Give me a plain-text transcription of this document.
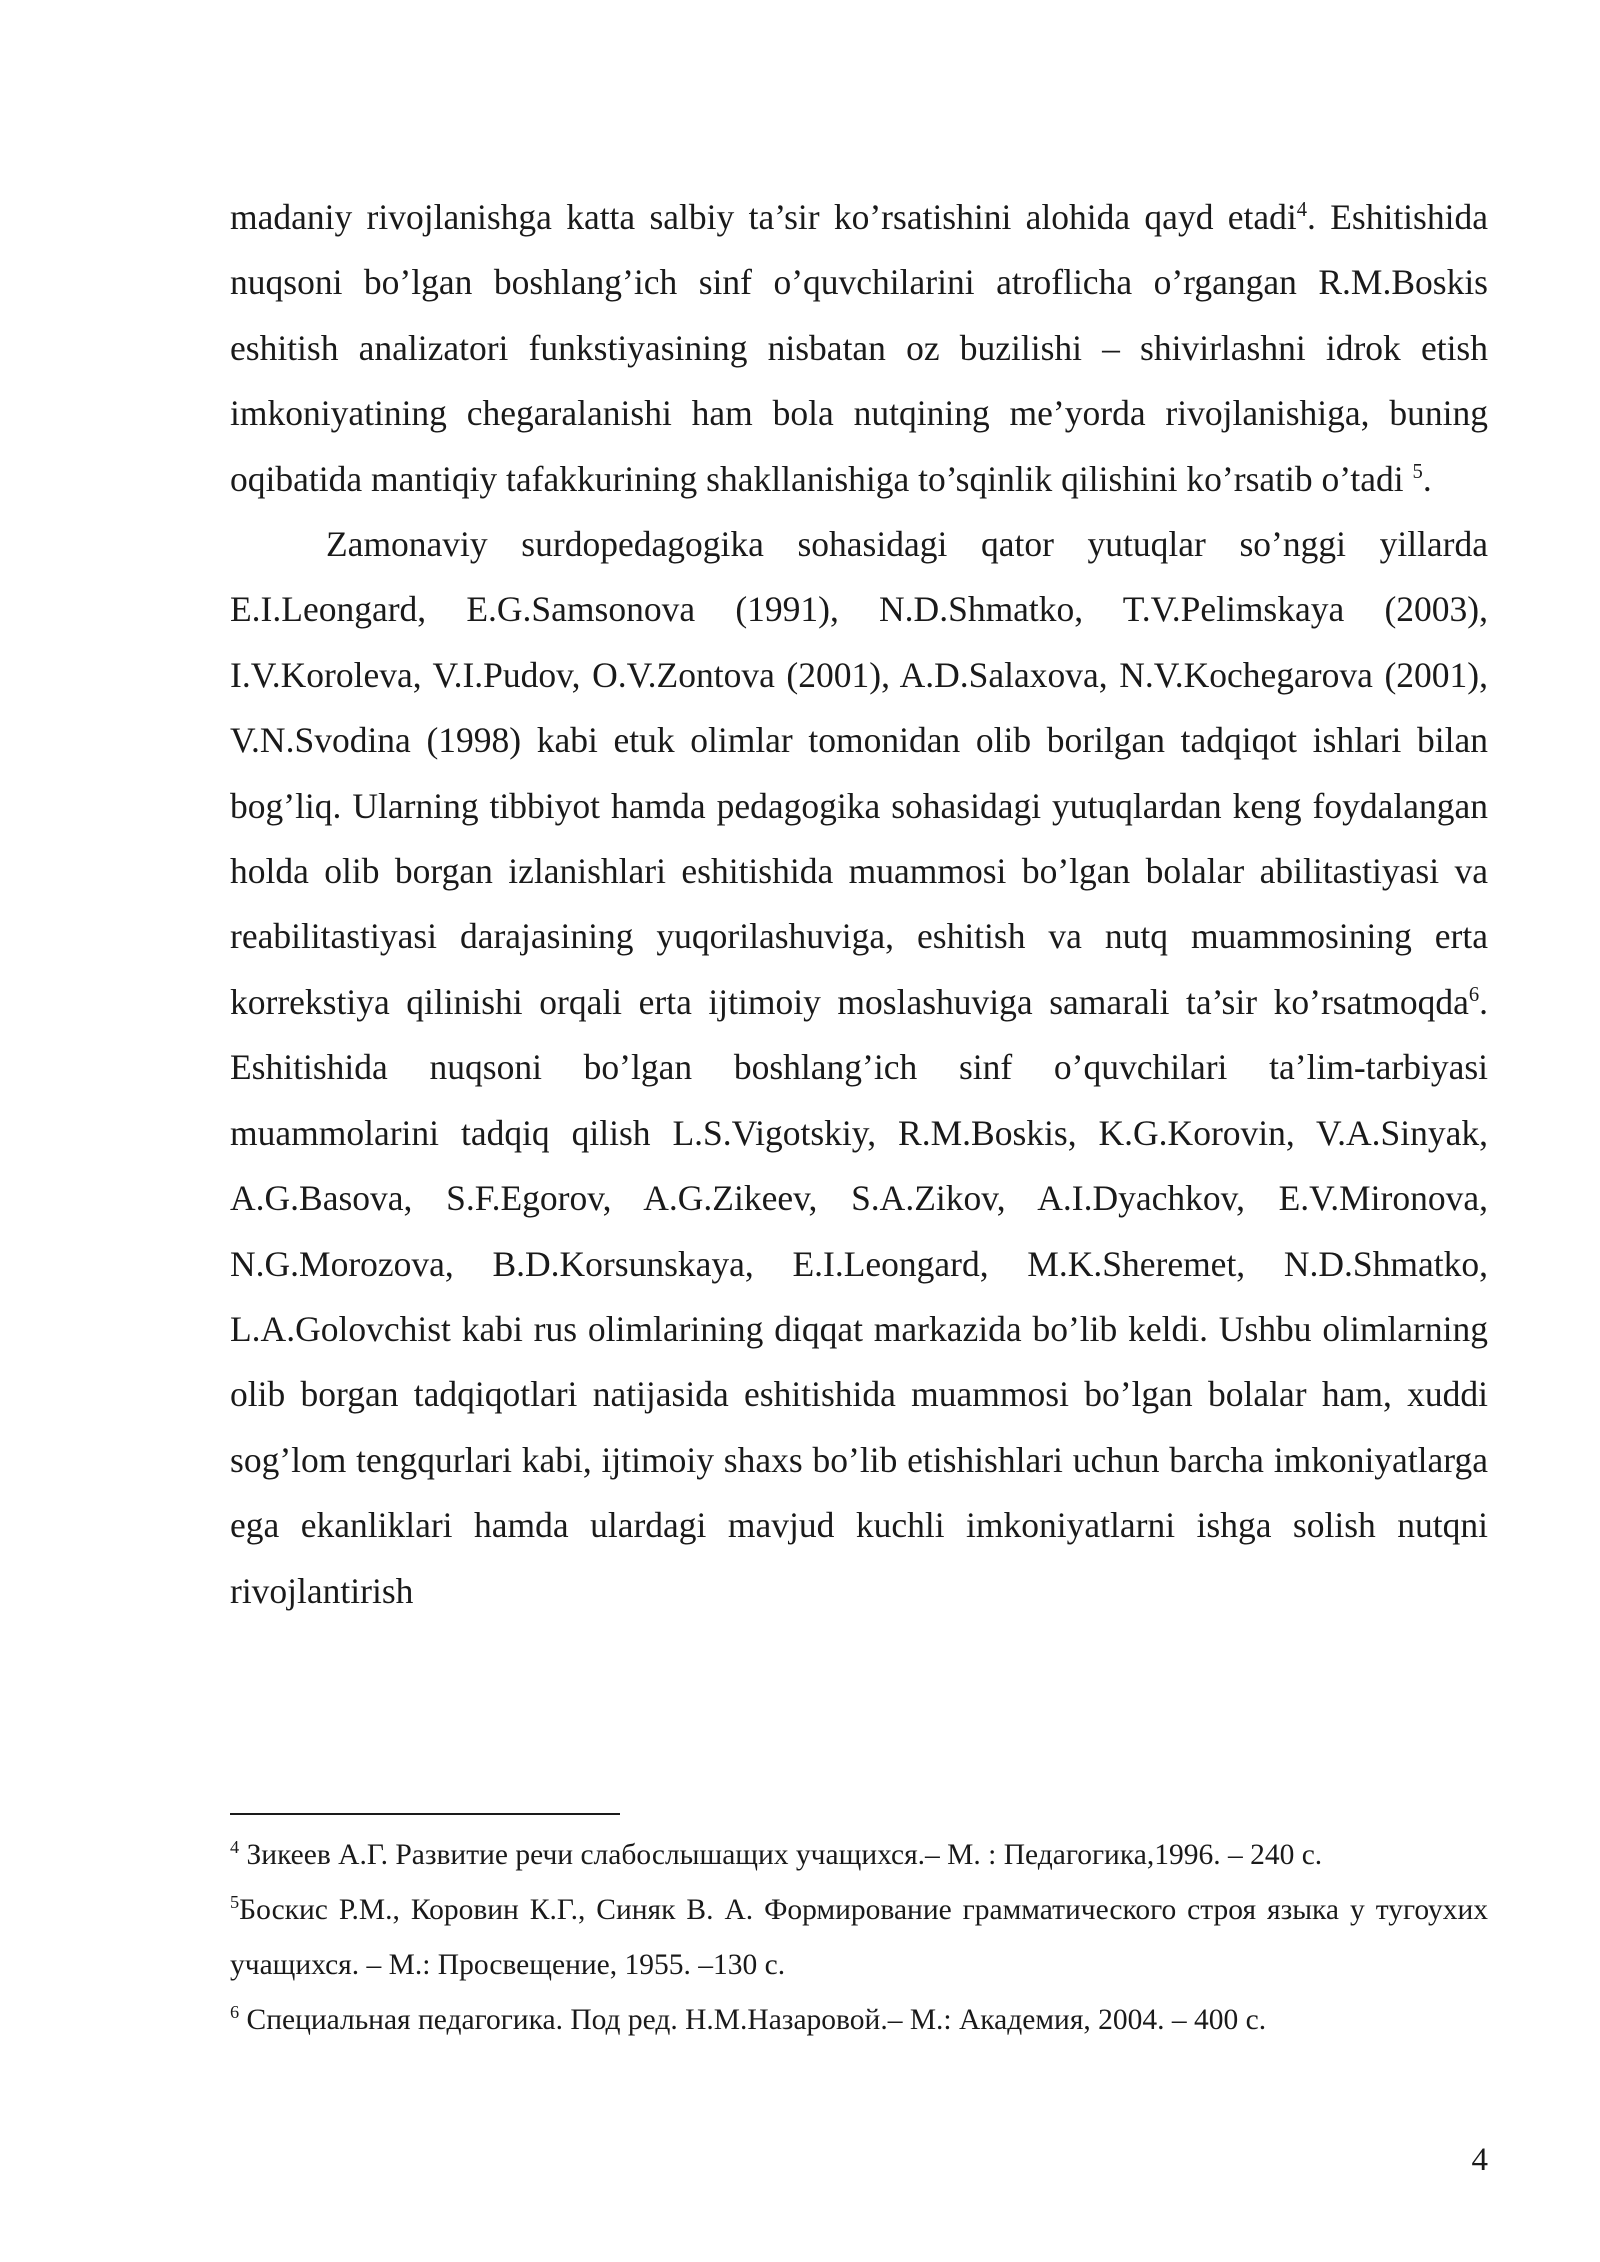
madaniy rivojlanishga katta salbiy ta’sir ko’rsatishini alohida qayd etadi$^4$. Eshitishida nuqsoni bo’lgan boshlang’ich sinf o’quvchilarini atroflicha o’rgangan R.M.Boskis eshitish analizatori funkstiyasining nisbatan oz buzilishi – shivirlashni idrok etish imkoniyatining chegaralanishi ham bola nutqining me’yorda rivojlanishiga, buning oqibatida mantiqiy tafakkurining shakllanishiga to’sqinlik qilishini ko’rsatib o’tadi $^5$.

Zamonaviy surdopedagogika sohasidagi qator yutuqlar so’nggi yillarda E.I.Leongard, E.G.Samsonova (1991), N.D.Shmatko, T.V.Pelimskaya (2003), I.V.Koroleva, V.I.Pudov, O.V.Zontova (2001), A.D.Salaxova, N.V.Kochegarova (2001), V.N.Svodina (1998) kabi etuk olimlar tomonidan olib borilgan tadqiqot ishlari bilan bog’liq. Ularning tibbiyot hamda pedagogika sohasidagi yutuqlardan keng foydalangan holda olib borgan izlanishlari eshitishida muammosi bo’lgan bolalar abilitastiyasi va reabilitastiyasi darajasining yuqorilashuviga, eshitish va nutq muammosining erta korrekstiya qilinishi orqali erta ijtimoiy moslashuviga samarali ta’sir ko’rsatmoqda$^6$. Eshitishida nuqsoni bo’lgan boshlang’ich sinf o’quvchilari ta’lim-tarbiyasi muammolarini tadqiq qilish L.S.Vigotskiy, R.M.Boskis, K.G.Korovin, V.A.Sinyak, A.G.Basova, S.F.Egorov, A.G.Zikeev, S.A.Zikov, A.I.Dyachkov, E.V.Mironova, N.G.Morozova, B.D.Korsunskaya, E.I.Leongard, M.K.Sheremet, N.D.Shmatko, L.A.Golovchist kabi rus olimlarining diqqat markazida bo’lib keldi. Ushbu olimlarning olib borgan tadqiqotlari natijasida eshitishida muammosi bo’lgan bolalar ham, xuddi sog’lom tengqurlari kabi, ijtimoiy shaxs bo’lib etishishlari uchun barcha imkoniyatlarga ega ekanliklari hamda ulardagi mavjud kuchli imkoniyatlarni ishga solish nutqni rivojlantirish

$^4$ Зикеев А.Г. Развитие речи слабослышащих учащихся.– М. : Педагогика,1996. – 240 с.

$^5$Боскис Р.М., Коровин К.Г., Синяк В. А. Формирование грамматического строя языка у тугоухих учащихся. – М.: Просвещение, 1955. –130 с.

$^6$ Специальная педагогика. Под ред. Н.М.Назаровой.– М.: Академия, 2004. – 400 с.

4
